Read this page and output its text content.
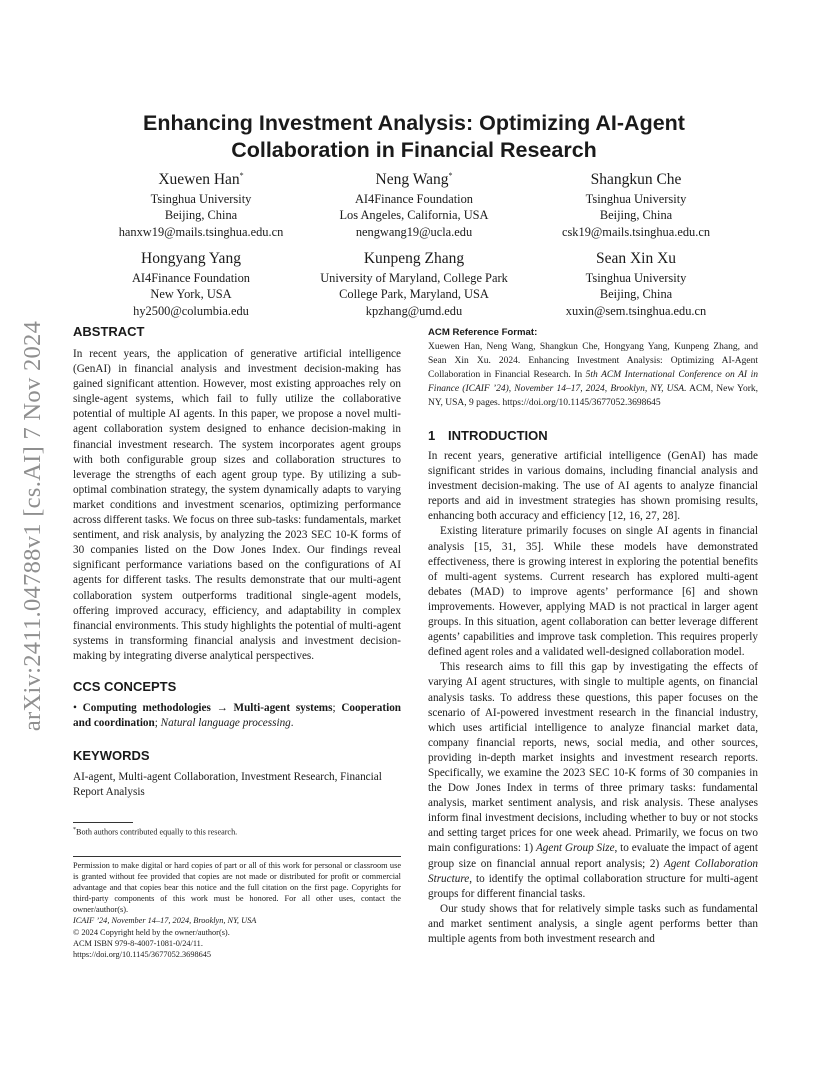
arXiv:2411.04788v1 [cs.AI] 7 Nov 2024
Enhancing Investment Analysis: Optimizing AI-Agent
Collaboration in Financial Research
Xuewen Han*
Tsinghua University
Beijing, China
hanxw19@mails.tsinghua.edu.cn
Neng Wang*
AI4Finance Foundation
Los Angeles, California, USA
nengwang19@ucla.edu
Shangkun Che
Tsinghua University
Beijing, China
csk19@mails.tsinghua.edu.cn
Hongyang Yang
AI4Finance Foundation
New York, USA
hy2500@columbia.edu
Kunpeng Zhang
University of Maryland, College Park
College Park, Maryland, USA
kpzhang@umd.edu
Sean Xin Xu
Tsinghua University
Beijing, China
xuxin@sem.tsinghua.edu.cn
ABSTRACT

In recent years, the application of generative artificial intelligence (GenAI) in financial analysis and investment decision-making has gained significant attention. However, most existing approaches rely on single-agent systems, which fail to fully utilize the collaborative potential of multiple AI agents. In this paper, we propose a novel multi-agent collaboration system designed to enhance decision-making in financial investment research. The system incorporates agent groups with both configurable group sizes and collaboration structures to leverage the strengths of each agent group type. By utilizing a sub-optimal combination strategy, the system dynamically adapts to varying market conditions and investment scenarios, optimizing performance across different tasks. We focus on three sub-tasks: fundamentals, market sentiment, and risk analysis, by analyzing the 2023 SEC 10-K forms of 30 companies listed on the Dow Jones Index. Our findings reveal significant performance variations based on the configurations of AI agents for different tasks. The results demonstrate that our multi-agent collaboration system outperforms traditional single-agent models, offering improved accuracy, efficiency, and adaptability in complex financial environments. This study highlights the potential of multi-agent systems in transforming financial analysis and investment decision-making by integrating diverse analytical perspectives.

CCS CONCEPTS

• Computing methodologies → Multi-agent systems; Cooperation and coordination; Natural language processing.

KEYWORDS

AI-agent, Multi-agent Collaboration, Investment Research, Financial Report Analysis

*Both authors contributed equally to this research.
Permission to make digital or hard copies of part or all of this work for personal or classroom use is granted without fee provided that copies are not made or distributed for profit or commercial advantage and that copies bear this notice and the full citation on the first page. Copyrights for third-party components of this work must be honored. For all other uses, contact the owner/author(s).
ICAIF ’24, November 14–17, 2024, Brooklyn, NY, USA
© 2024 Copyright held by the owner/author(s).
ACM ISBN 979-8-4007-1081-0/24/11.
https://doi.org/10.1145/3677052.3698645
ACM Reference Format:

Xuewen Han, Neng Wang, Shangkun Che, Hongyang Yang, Kunpeng Zhang, and Sean Xin Xu. 2024. Enhancing Investment Analysis: Optimizing AI-Agent Collaboration in Financial Research. In 5th ACM International Conference on AI in Finance (ICAIF ’24), November 14–17, 2024, Brooklyn, NY, USA. ACM, New York, NY, USA, 9 pages. https://doi.org/10.1145/3677052.3698645

1 INTRODUCTION

In recent years, generative artificial intelligence (GenAI) has made significant strides in various domains, including financial analysis and investment decision-making. The use of AI agents to analyze financial reports and aid in investment strategies has shown promising results, enhancing both accuracy and efficiency [12, 16, 27, 28].

Existing literature primarily focuses on single AI agents in financial analysis [15, 31, 35]. While these models have demonstrated effectiveness, there is growing interest in exploring the potential benefits of multi-agent systems. Current research has explored multi-agent debates (MAD) to improve agents’ performance [6] and shown improvements. However, applying MAD is not practical in larger agent groups. In this situation, agent collaboration can better leverage different agents’ capabilities and improve task completion. This requires properly defined agent roles and a validated well-designed collaboration model.

This research aims to fill this gap by investigating the effects of varying AI agent structures, with single to multiple agents, on financial analysis tasks. To address these questions, this paper focuses on the scenario of AI-powered investment research in the financial industry, which uses artificial intelligence to analyze financial market data, company financial reports, news, social media, and other sources, providing in-depth market insights and investment research reports. Specifically, we examine the 2023 SEC 10-K forms of 30 companies in the Dow Jones Index in terms of three primary tasks: fundamental analysis, market sentiment analysis, and risk analysis. These analyses inform final investment decisions, including whether to buy or not stocks and setting target prices for one week ahead. Primarily, we focus on two main configurations: 1) Agent Group Size, to evaluate the impact of agent group size on financial annual report analysis; 2) Agent Collaboration Structure, to identify the optimal collaboration structure for multi-agent groups for different financial tasks.

Our study shows that for relatively simple tasks such as fundamental and market sentiment analysis, a single agent performs better than multiple agents from both investment research and
